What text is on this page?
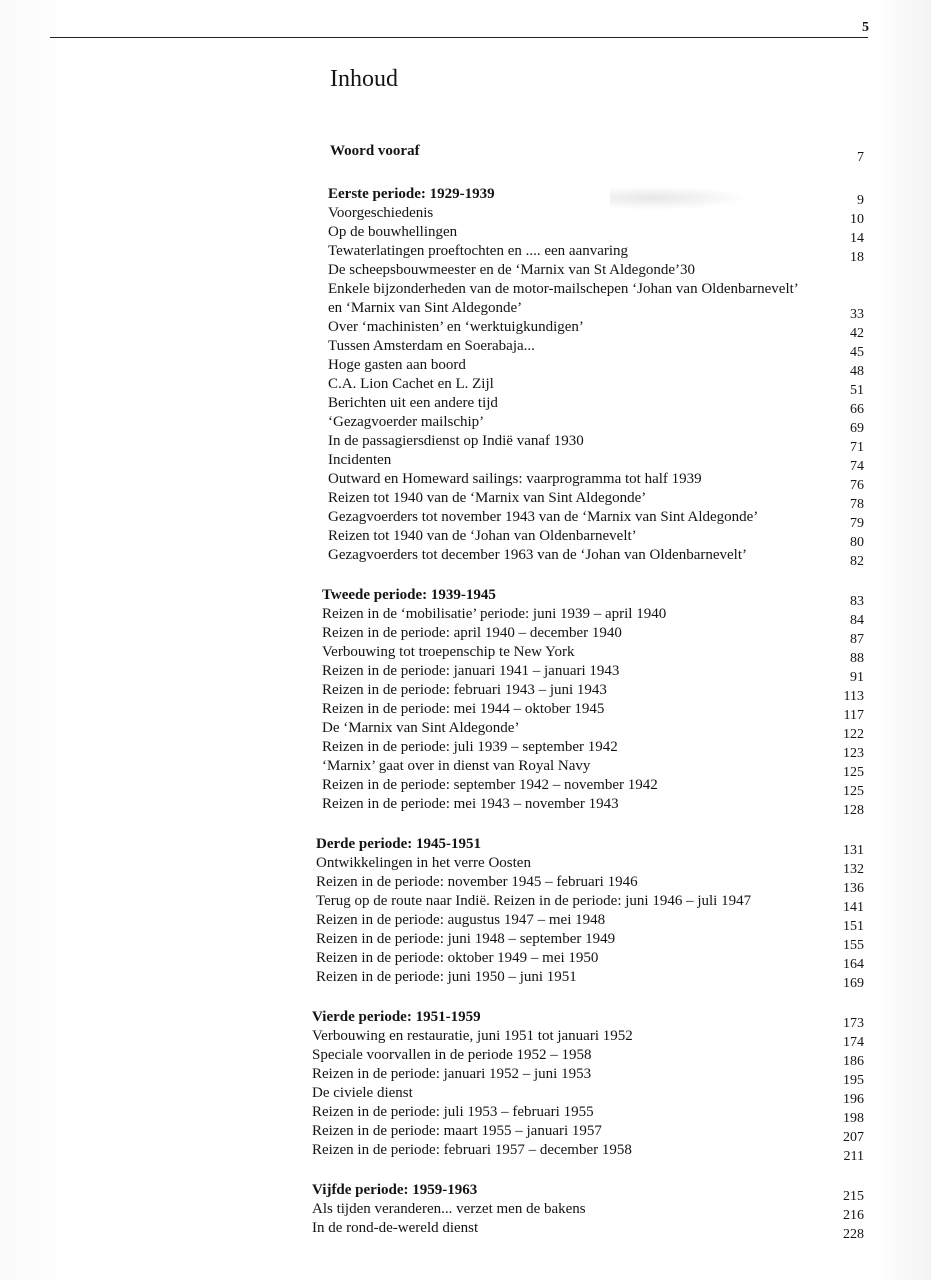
5
Inhoud
Woord vooraf	7
Eerste periode: 1929-1939	9
Voorgeschiedenis	10
Op de bouwhellingen	14
Tewaterlatingen proeftochten en .... een aanvaring	18
De scheepsbouwmeester en de ‘Marnix van St Aldegonde’30
Enkele bijzonderheden van de motor-mailschepen ‘Johan van Oldenbarnevelt’
en ‘Marnix van Sint Aldegonde’	33
Over ‘machinisten’ en ‘werktuigkundigen’	42
Tussen Amsterdam en Soerabaja...	45
Hoge gasten aan boord	48
C.A. Lion Cachet en L. Zijl	51
Berichten uit een andere tijd	66
‘Gezagvoerder mailschip’	69
In de passagiersdienst op Indië vanaf 1930	71
Incidenten	74
Outward en Homeward sailings: vaarprogramma tot half 1939	76
Reizen tot 1940 van de ‘Marnix van Sint Aldegonde’	78
Gezagvoerders tot november 1943 van de ‘Marnix van Sint Aldegonde’	79
Reizen tot 1940 van de ‘Johan van Oldenbarnevelt’	80
Gezagvoerders tot december 1963 van de ‘Johan van Oldenbarnevelt’	82
Tweede periode: 1939-1945	83
Reizen in de ‘mobilisatie’ periode: juni 1939 – april 1940	84
Reizen in de periode: april 1940 – december 1940	87
Verbouwing tot troepenschip te New York	88
Reizen in de periode: januari 1941 – januari 1943	91
Reizen in de periode: februari 1943 – juni 1943	113
Reizen in de periode: mei 1944 – oktober 1945	117
De ‘Marnix van Sint Aldegonde’	122
Reizen in de periode: juli 1939 – september 1942	123
‘Marnix’ gaat over in dienst van Royal Navy	125
Reizen in de periode: september 1942 – november 1942	125
Reizen in de periode: mei 1943 – november 1943	128
Derde periode: 1945-1951	131
Ontwikkelingen in het verre Oosten	132
Reizen in de periode: november 1945 – februari 1946	136
Terug op de route naar Indië. Reizen in de periode: juni 1946 – juli 1947	141
Reizen in de periode: augustus 1947 – mei 1948	151
Reizen in de periode: juni 1948 – september 1949	155
Reizen in de periode: oktober 1949 – mei 1950	164
Reizen in de periode: juni 1950 – juni 1951	169
Vierde periode: 1951-1959	173
Verbouwing en restauratie, juni 1951 tot januari 1952	174
Speciale voorvallen in de periode 1952 – 1958	186
Reizen in de periode: januari 1952 – juni 1953	195
De civiele dienst	196
Reizen in de periode: juli 1953 – februari 1955	198
Reizen in de periode: maart 1955 – januari 1957	207
Reizen in de periode: februari 1957 – december 1958	211
Vijfde periode: 1959-1963	215
Als tijden veranderen... verzet men de bakens	216
In de rond-de-wereld dienst	228
